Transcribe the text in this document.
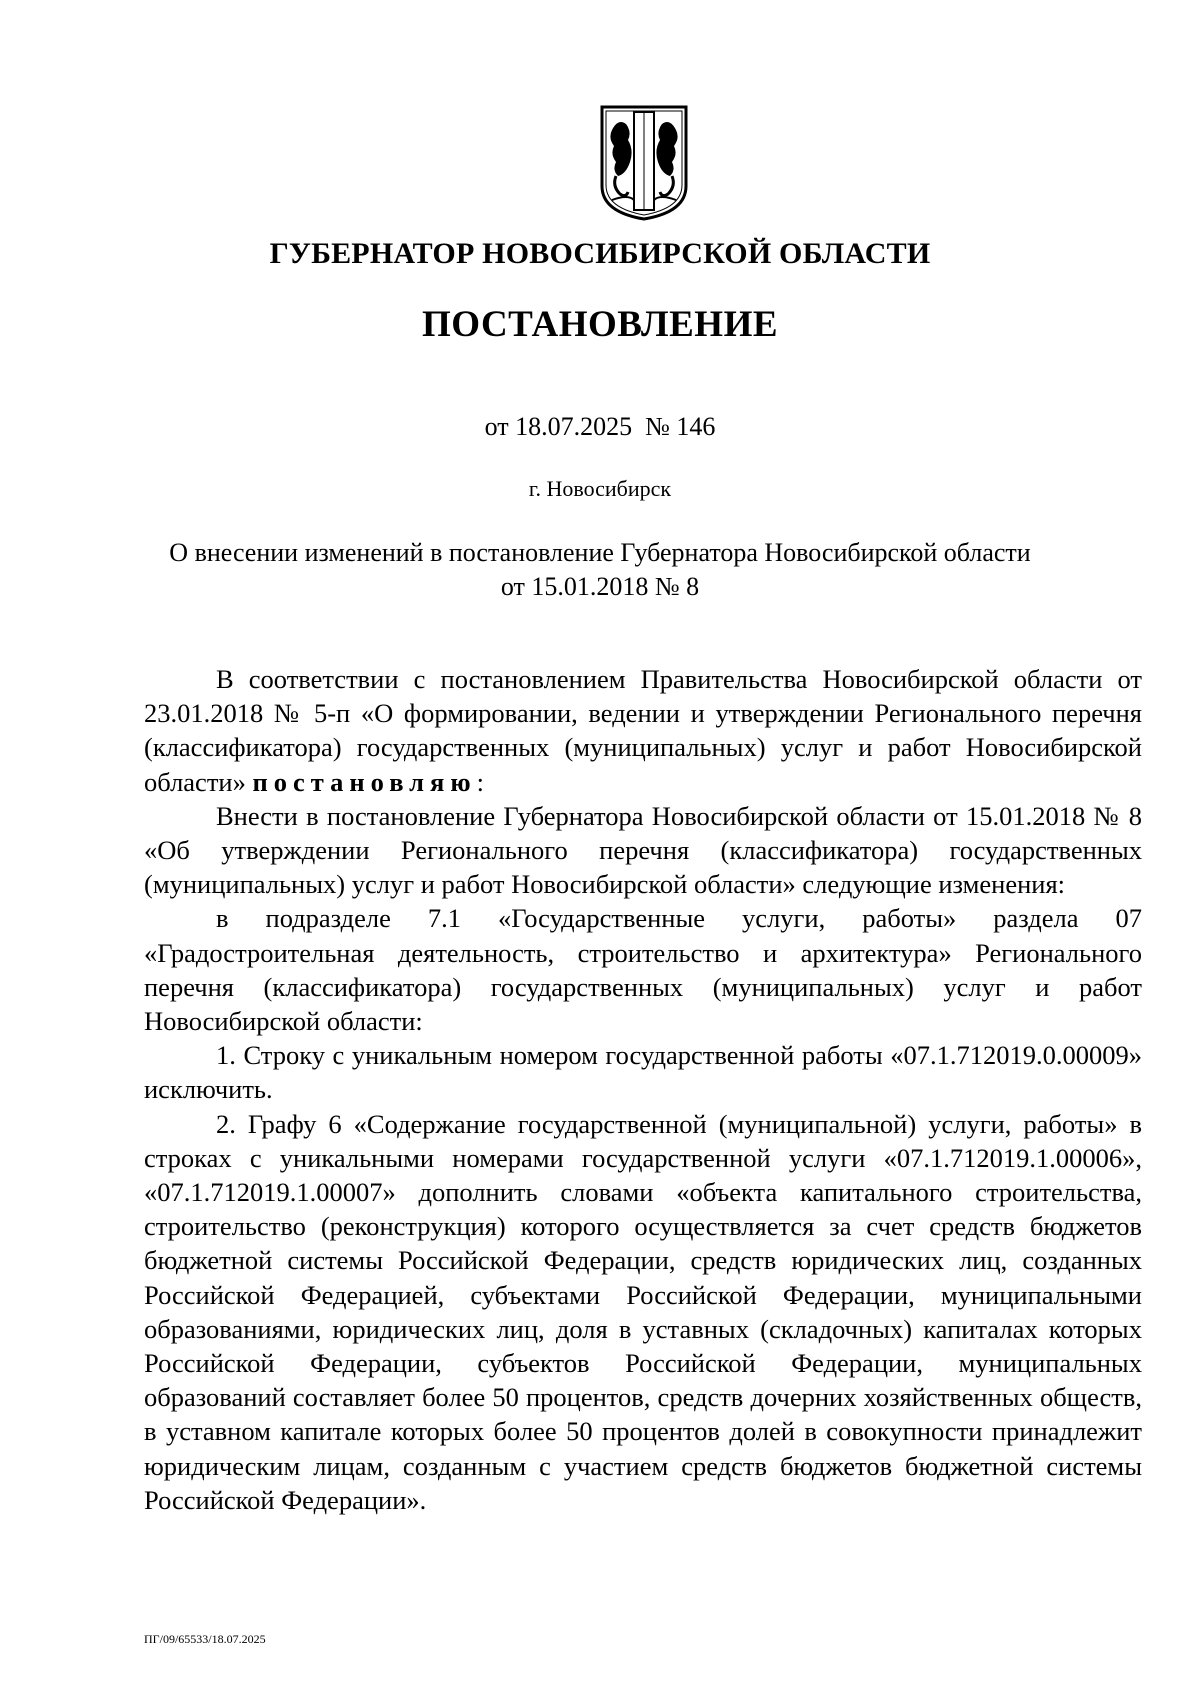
ГУБЕРНАТОР НОВОСИБИРСКОЙ ОБЛАСТИ
ПОСТАНОВЛЕНИЕ
от 18.07.2025  № 146
г. Новосибирск
О внесении изменений в постановление Губернатора Новосибирской области
от 15.01.2018 № 8

В соответствии с постановлением Правительства Новосибирской области от 23.01.2018 № 5-п «О формировании, ведении и утверждении Регионального перечня (классификатора) государственных (муниципальных) услуг и работ Новосибирской области» постановляю:

Внести в постановление Губернатора Новосибирской области от 15.01.2018 № 8 «Об утверждении Регионального перечня (классификатора) государственных (муниципальных) услуг и работ Новосибирской области» следующие изменения:

в подразделе 7.1 «Государственные услуги, работы» раздела 07 «Градостроительная деятельность, строительство и архитектура» Регионального перечня (классификатора) государственных (муниципальных) услуг и работ Новосибирской области:

1. Строку с уникальным номером государственной работы «07.1.712019.0.00009» исключить.

2. Графу 6 «Содержание государственной (муниципальной) услуги, работы» в строках с уникальными номерами государственной услуги «07.1.712019.1.00006», «07.1.712019.1.00007» дополнить словами «объекта капитального строительства, строительство (реконструкция) которого осуществляется за счет средств бюджетов бюджетной системы Российской Федерации, средств юридических лиц, созданных Российской Федерацией, субъектами Российской Федерации, муниципальными образованиями, юридических лиц, доля в уставных (складочных) капиталах которых Российской Федерации, субъектов Российской Федерации, муниципальных образований составляет более 50 процентов, средств дочерних хозяйственных обществ, в уставном капитале которых более 50 процентов долей в совокупности принадлежит юридическим лицам, созданным с участием средств бюджетов бюджетной системы Российской Федерации».

ПГ/09/65533/18.07.2025
